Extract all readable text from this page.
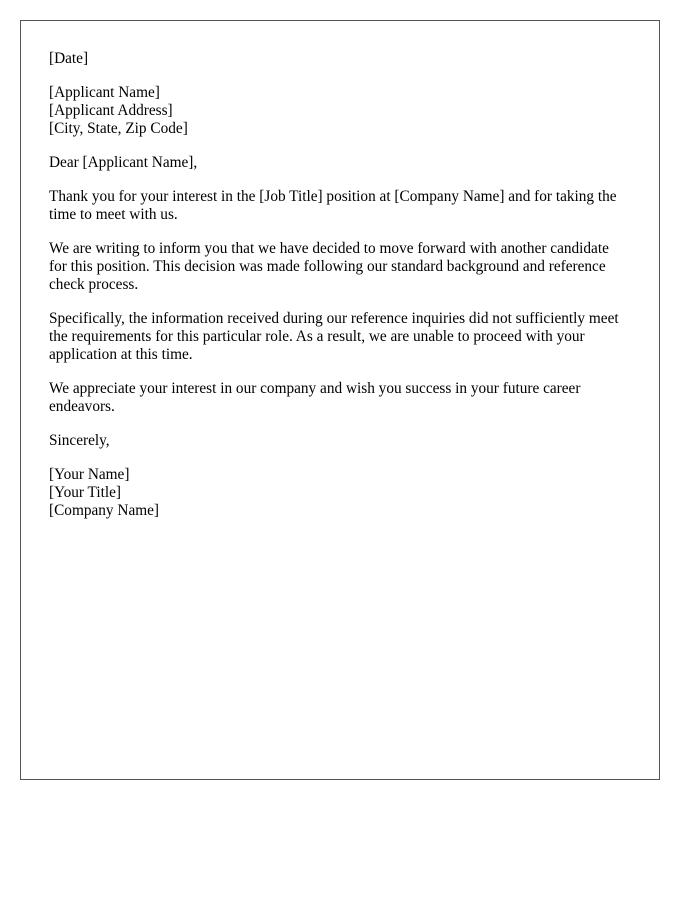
[Date]
[Applicant Name]
[Applicant Address]
[City, State, Zip Code]
Dear [Applicant Name],

Thank you for your interest in the [Job Title] position at [Company Name] and for taking the time to meet with us.

We are writing to inform you that we have decided to move forward with another candidate for this position. This decision was made following our standard background and reference check process.

Specifically, the information received during our reference inquiries did not sufficiently meet the requirements for this particular role. As a result, we are unable to proceed with your application at this time.

We appreciate your interest in our company and wish you success in your future career endeavors.

Sincerely,
[Your Name]
[Your Title]
[Company Name]
